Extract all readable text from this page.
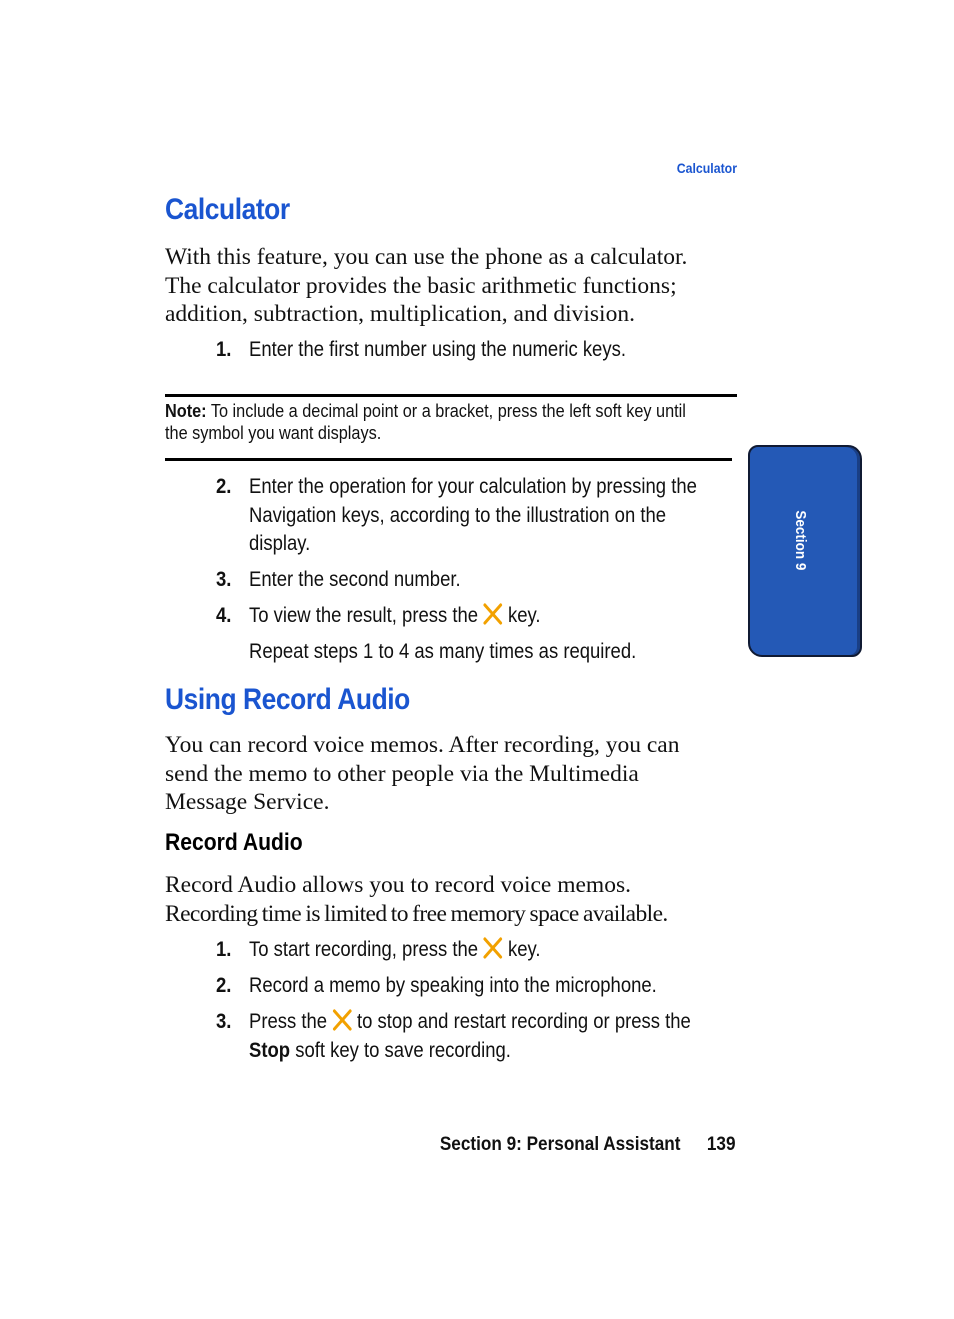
Calculator
Calculator
With this feature, you can use the phone as a calculator.
The calculator provides the basic arithmetic functions;
addition, subtraction, multiplication, and division.
1. Enter the first number using the numeric keys.
Note: To include a decimal point or a bracket, press the left soft key until
the symbol you want displays.
2. Enter the operation for your calculation by pressing the
Navigation keys, according to the illustration on the
display.
3. Enter the second number.
4. To view the result, press the key.
Repeat steps 1 to 4 as many times as required.
Using Record Audio
You can record voice memos. After recording, you can
send the memo to other people via the Multimedia
Message Service.
Record Audio
Record Audio allows you to record voice memos.
Recording time is limited to free memory space available.
1. To start recording, press the key.
2. Record a memo by speaking into the microphone.
3. Press the to stop and restart recording or press the
Stop soft key to save recording.
Section 9
Section 9: Personal Assistant 139
